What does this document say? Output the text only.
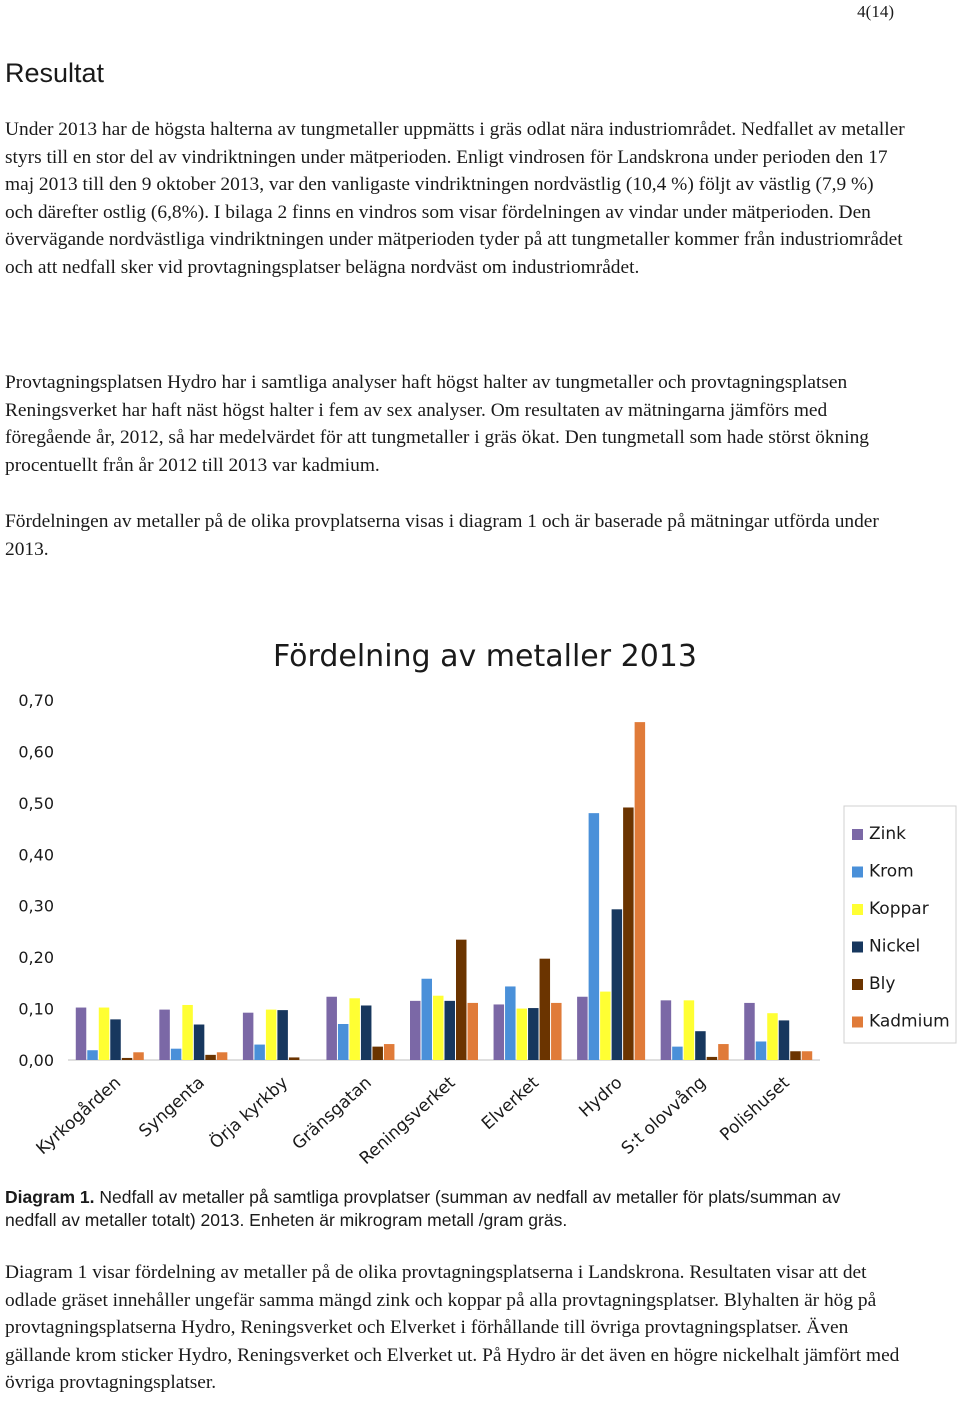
4(14)
Resultat

Under 2013 har de högsta halterna av tungmetaller uppmätts i gräs odlat nära industriområdet. Nedfallet av metaller styrs till en stor del av vindriktningen under mätperioden. Enligt vindrosen för Landskrona under perioden den 17 maj 2013 till den 9 oktober 2013, var den vanligaste vindriktningen nordvästlig (10,4 %) följt av västlig (7,9 %) och därefter ostlig (6,8%). I bilaga 2 finns en vindros som visar fördelningen av vindar under mätperioden. Den övervägande nordvästliga vindriktningen under mätperioden tyder på att tungmetaller kommer från industriområdet och att nedfall sker vid provtagningsplatser belägna nordväst om industriområdet.

Provtagningsplatsen Hydro har i samtliga analyser haft högst halter av tungmetaller och provtagningsplatsen Reningsverket har haft näst högst halter i fem av sex analyser. Om resultaten av mätningarna jämförs med föregående år, 2012, så har medelvärdet för att tungmetaller i gräs ökat. Den tungmetall som hade störst ökning procentuellt från år 2012 till 2013 var kadmium.

Fördelningen av metaller på de olika provplatserna visas i diagram 1 och är baserade på mätningar utförda under 2013.

Fördelning av metaller 2013
0,00
0,10
0,20
0,30
0,40
0,50
0,60
0,70
Kyrkogården Syngenta
Örja kyrkby
Gränsgatan
Reningsverket Elverket Hydro
S:t olovvång Polishuset
Zink
Krom
Koppar
Nickel
Bly
Kadmium

Diagram 1. Nedfall av metaller på samtliga provplatser (summan av nedfall av metaller för plats/summan av nedfall av metaller totalt) 2013. Enheten är mikrogram metall /gram gräs.

Diagram 1 visar fördelning av metaller på de olika provtagningsplatserna i Landskrona. Resultaten visar att det odlade gräset innehåller ungefär samma mängd zink och koppar på alla provtagningsplatser. Blyhalten är hög på provtagningsplatserna Hydro, Reningsverket och Elverket i förhållande till övriga provtagningsplatser. Även gällande krom sticker Hydro, Reningsverket och Elverket ut. På Hydro är det även en högre nickelhalt jämfört med övriga provtagningsplatser.
